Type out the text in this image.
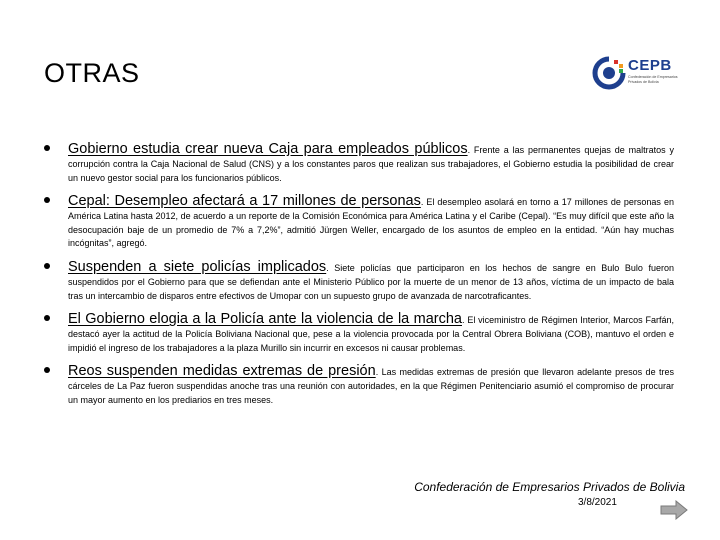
OTRAS	CEPB
Confederación de Empresarios Privados de Bolivia
Gobierno estudia crear nueva Caja para empleados públicos. Frente a las permanentes quejas de maltratos y corrupción contra la Caja Nacional de Salud (CNS) y a los constantes paros que realizan sus trabajadores, el Gobierno estudia la posibilidad de crear un nuevo gestor social para los funcionarios públicos.
Cepal: Desempleo afectará a 17 millones de personas. El desempleo asolará en torno a 17 millones de personas en América Latina hasta 2012, de acuerdo a un reporte de la Comisión Económica para América Latina y el Caribe (Cepal). “Es muy difícil que este año la desocupación baje de un promedio de 7% a 7,2%”, admitió Jürgen Weller, encargado de los asuntos de empleo en la entidad. “Aún hay muchas incógnitas”, agregó.
Suspenden a siete policías implicados. Siete policías que participaron en los hechos de sangre en Bulo Bulo fueron suspendidos por el Gobierno para que se defiendan ante el Ministerio Público por la muerte de un menor de 13 años, víctima de un impacto de bala tras un intercambio de disparos entre efectivos de Umopar con un supuesto grupo de avanzada de narcotraficantes.
El Gobierno elogia a la Policía ante la violencia de la marcha. El viceministro de Régimen Interior, Marcos Farfán, destacó ayer la actitud de la Policía Boliviana Nacional que, pese a la violencia provocada por la Central Obrera Boliviana (COB), mantuvo el orden e impidió el ingreso de los trabajadores a la plaza Murillo sin incurrir en excesos ni causar problemas.
Reos suspenden medidas extremas de presión. Las medidas extremas de presión que llevaron adelante presos de tres cárceles de La Paz fueron suspendidas anoche tras una reunión con autoridades, en la que Régimen Penitenciario asumió el compromiso de procurar un mayor aumento en los prediarios en tres meses.
Confederación de Empresarios Privados de Bolivia
3/8/2021
